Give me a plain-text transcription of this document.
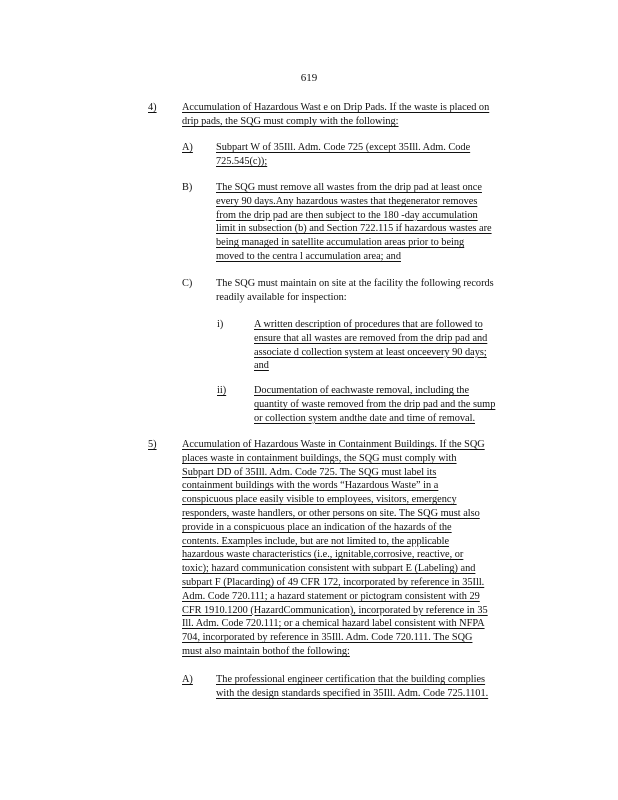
619
4) Accumulation of Hazardous Wast e on Drip Pads. If the waste is placed on
drip pads, the SQG must comply with the following:
A) Subpart W of 35Ill. Adm. Code 725 (except 35Ill. Adm. Code
725.545(c));
B) The SQG must remove all wastes from the drip pad at least once
every 90 days.Any hazardous wastes that thegenerator removes
from the drip pad are then subject to the 180 -day accumulation
limit in subsection (b) and Section 722.115 if hazardous wastes are
being managed in satellite accumulation areas prior to being
moved to the centra l accumulation area; and
C) The SQG must maintain on site at the facility the following records
readily available for inspection:
i)	A written description of procedures that are followed to
ensure that all wastes are removed from the drip pad and
associate d collection system at least onceevery 90 days;
and
ii)	Documentation of eachwaste removal, including the
quantity of waste removed from the drip pad and the sump
or collection system andthe date and time of removal.
5) Accumulation of Hazardous Waste in Containment Buildings. If the SQG
places waste in containment buildings, the SQG must comply with
Subpart DD of 35Ill. Adm. Code 725. The SQG must label its
containment buildings with the words “Hazardous Waste” in a
conspicuous place easily visible to employees, visitors, emergency
responders, waste handlers, or other persons on site. The SQG must also
provide in a conspicuous place an indication of the hazards of the
contents. Examples include, but are not limited to, the applicable
hazardous waste characteristics (i.e., ignitable,corrosive, reactive, or
toxic); hazard communication consistent with subpart E (Labeling) and
subpart F (Placarding) of 49 CFR 172, incorporated by reference in 35Ill.
Adm. Code 720.111; a hazard statement or pictogram consistent with 29
CFR 1910.1200 (HazardCommunication), incorporated by reference in 35
Ill. Adm. Code 720.111; or a chemical hazard label consistent with NFPA
704, incorporated by reference in 35Ill. Adm. Code 720.111. The SQG
must also maintain bothof the following:
A) The professional engineer certification that the building complies
with the design standards specified in 35Ill. Adm. Code 725.1101.
